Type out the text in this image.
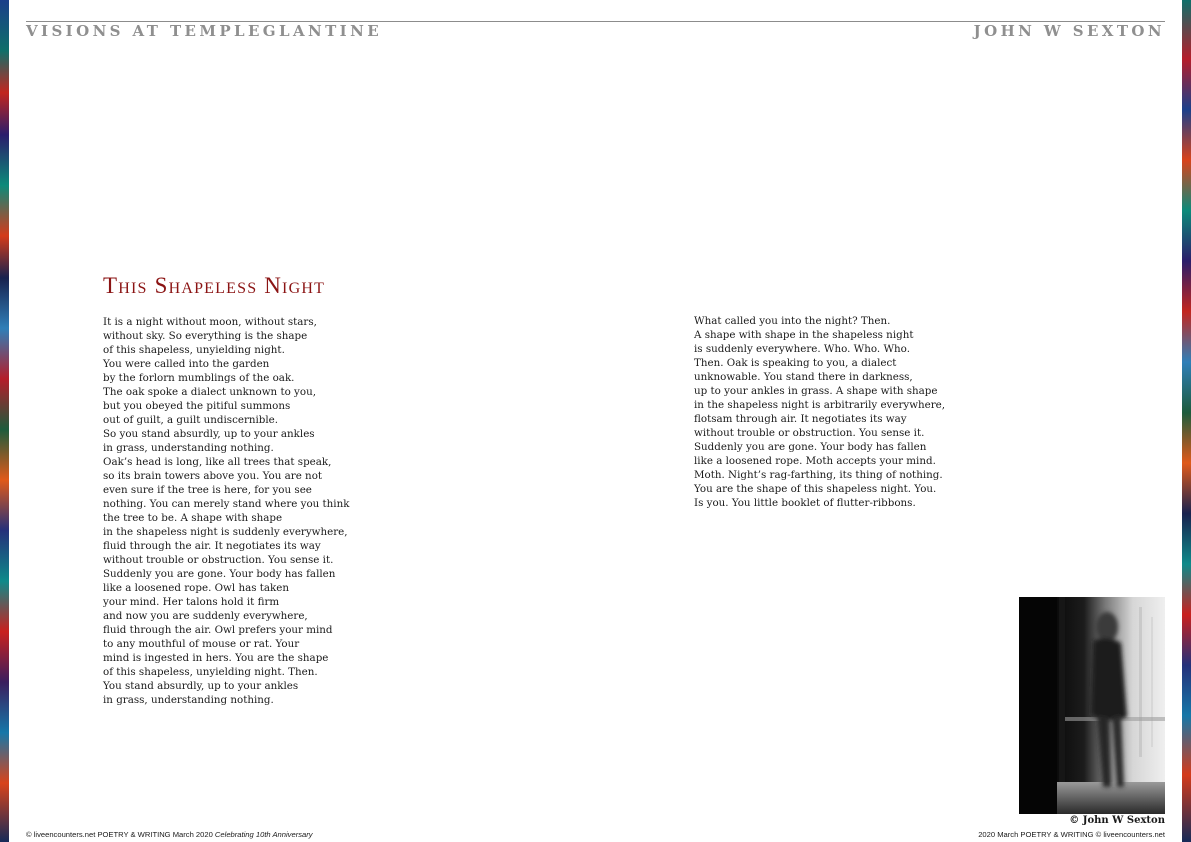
VISIONS AT TEMPLEGLANTINE	JOHN W SEXTON
This Shapeless Night
It is a night without moon, without stars,
without sky. So everything is the shape
of this shapeless, unyielding night.
You were called into the garden
by the forlorn mumblings of the oak.
The oak spoke a dialect unknown to you,
but you obeyed the pitiful summons
out of guilt, a guilt undiscernible.
So you stand absurdly, up to your ankles
in grass, understanding nothing.
Oak’s head is long, like all trees that speak,
so its brain towers above you. You are not
even sure if the tree is here, for you see
nothing. You can merely stand where you think
the tree to be. A shape with shape
in the shapeless night is suddenly everywhere,
fluid through the air. It negotiates its way
without trouble or obstruction. You sense it.
Suddenly you are gone. Your body has fallen
like a loosened rope. Owl has taken
your mind. Her talons hold it firm
and now you are suddenly everywhere,
fluid through the air. Owl prefers your mind
to any mouthful of mouse or rat. Your
mind is ingested in hers. You are the shape
of this shapeless, unyielding night. Then.
You stand absurdly, up to your ankles
in grass, understanding nothing.
What called you into the night? Then.
A shape with shape in the shapeless night
is suddenly everywhere. Who. Who. Who.
Then. Oak is speaking to you, a dialect
unknowable. You stand there in darkness,
up to your ankles in grass. A shape with shape
in the shapeless night is arbitrarily everywhere,
flotsam through air. It negotiates its way
without trouble or obstruction. You sense it.
Suddenly you are gone. Your body has fallen
like a loosened rope. Moth accepts your mind.
Moth. Night’s rag-farthing, its thing of nothing.
You are the shape of this shapeless night. You.
Is you. You little booklet of flutter-ribbons.
© John W Sexton
© liveencounters.net POETRY & WRITING March 2020 Celebrating 10th Anniversary	2020 March POETRY & WRITING © liveencounters.net
